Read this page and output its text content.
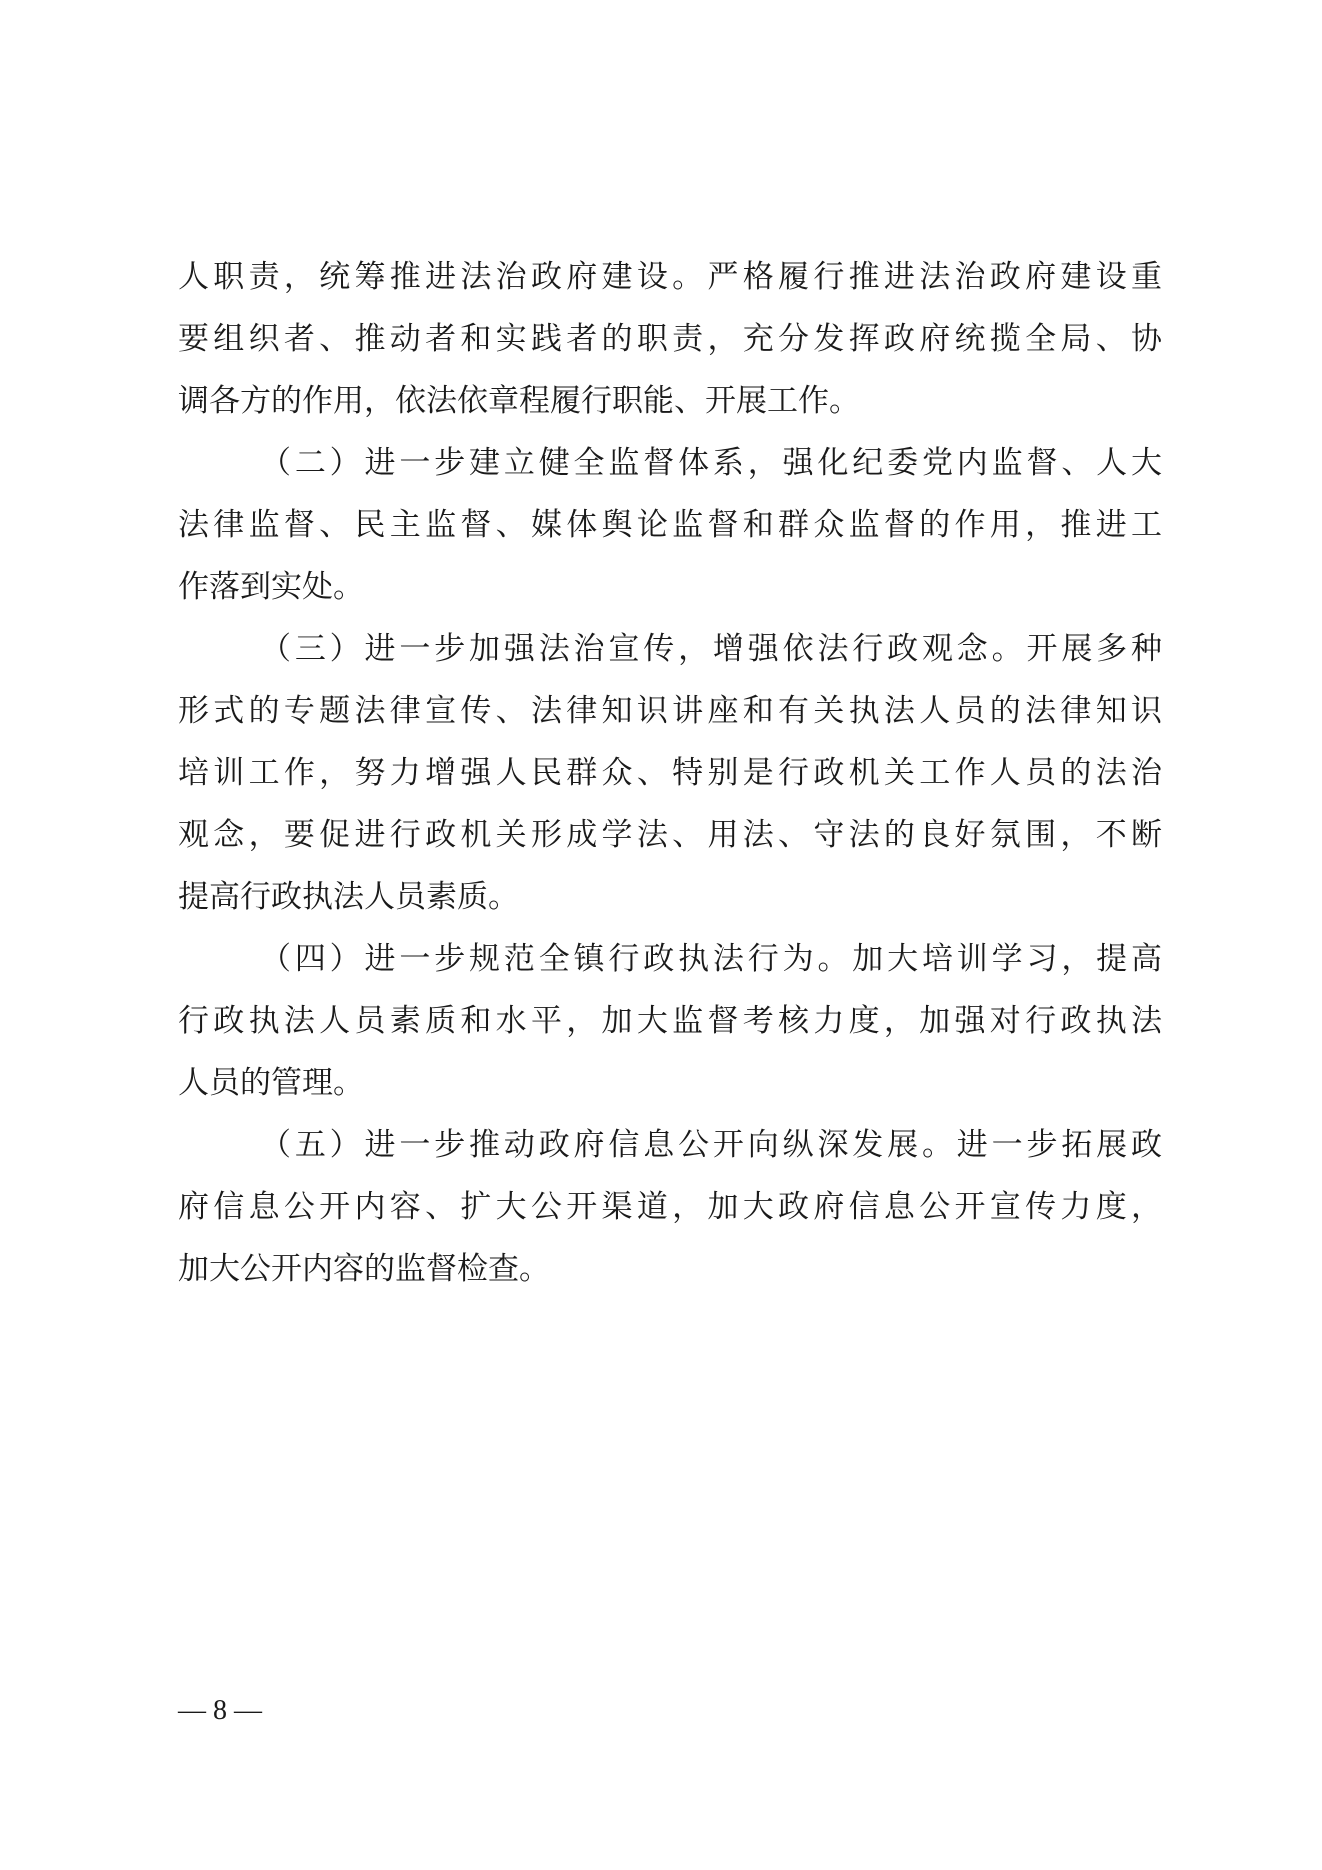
人职责，统筹推进法治政府建设。严格履行推进法治政府建设重
要组织者、推动者和实践者的职责，充分发挥政府统揽全局、协
调各方的作用，依法依章程履行职能、开展工作。
（二）进一步建立健全监督体系，强化纪委党内监督、人大
法律监督、民主监督、媒体舆论监督和群众监督的作用，推进工
作落到实处。
（三）进一步加强法治宣传，增强依法行政观念。开展多种
形式的专题法律宣传、法律知识讲座和有关执法人员的法律知识
培训工作，努力增强人民群众、特别是行政机关工作人员的法治
观念，要促进行政机关形成学法、用法、守法的良好氛围，不断
提高行政执法人员素质。
（四）进一步规范全镇行政执法行为。加大培训学习，提高
行政执法人员素质和水平，加大监督考核力度，加强对行政执法
人员的管理。
（五）进一步推动政府信息公开向纵深发展。进一步拓展政
府信息公开内容、扩大公开渠道，加大政府信息公开宣传力度，
加大公开内容的监督检查。
— 8 —
